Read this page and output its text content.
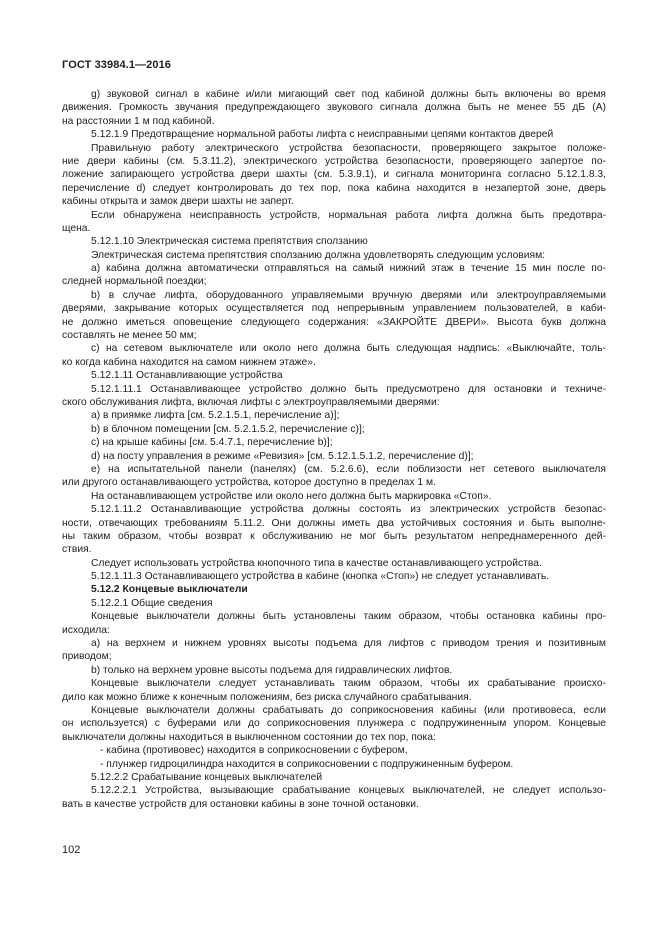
ГОСТ 33984.1—2016
g) звуковой сигнал в кабине и/или мигающий свет под кабиной должны быть включены во время
движения. Громкость звучания предупреждающего звукового сигнала должна быть не менее 55 дБ (А)
на расстоянии 1 м под кабиной.
5.12.1.9 Предотвращение нормальной работы лифта с неисправными цепями контактов дверей
Правильную работу электрического устройства безопасности, проверяющего закрытое положе-
ние двери кабины (см. 5.3.11.2), электрического устройства безопасности, проверяющего запертое по-
ложение запирающего устройства двери шахты (см. 5.3.9.1), и сигнала мониторинга согласно 5.12.1.8.3,
перечисление d) следует контролировать до тех пор, пока кабина находится в незапертой зоне, дверь
кабины открыта и замок двери шахты не заперт.
Если обнаружена неисправность устройств, нормальная работа лифта должна быть предотвра-
щена.
5.12.1.10 Электрическая система препятствия сползанию
Электрическая система препятствия сползанию должна удовлетворять следующим условиям:
а) кабина должна автоматически отправляться на самый нижний этаж в течение 15 мин после по-
следней нормальной поездки;
b) в случае лифта, оборудованного управляемыми вручную дверями или электроуправляемыми
дверями, закрывание которых осуществляется под непрерывным управлением пользователей, в каби-
не должно иметься оповещение следующего содержания: «ЗАКРОЙТЕ ДВЕРИ». Высота букв должна
составлять не менее 50 мм;
с) на сетевом выключателе или около него должна быть следующая надпись: «Выключайте, толь-
ко когда кабина находится на самом нижнем этаже».
5.12.1.11 Останавливающие устройства
5.12.1.11.1 Останавливающее устройство должно быть предусмотрено для остановки и техниче-
ского обслуживания лифта, включая лифты с электроуправляемыми дверями:
а) в приямке лифта [см. 5.2.1.5.1, перечисление а)];
b) в блочном помещении [см. 5.2.1.5.2, перечисление с)];
с) на крыше кабины [см. 5.4.7.1, перечисление b)];
d) на посту управления в режиме «Ревизия» [см. 5.12.1.5.1.2, перечисление d)];
е) на испытательной панели (панелях) (см. 5.2.6.6), если поблизости нет сетевого выключателя
или другого останавливающего устройства, которое доступно в пределах 1 м.
На останавливающем устройстве или около него должна быть маркировка «Стоп».
5.12.1.11.2 Останавливающие устройства должны состоять из электрических устройств безопас-
ности, отвечающих требованиям 5.11.2. Они должны иметь два устойчивых состояния и быть выполне-
ны таким образом, чтобы возврат к обслуживанию не мог быть результатом непреднамеренного дей-
ствия.
Следует использовать устройства кнопочного типа в качестве останавливающего устройства.
5.12.1.11.3 Останавливающего устройства в кабине (кнопка «Стоп») не следует устанавливать.
5.12.2 Концевые выключатели
5.12.2.1 Общие сведения
Концевые выключатели должны быть установлены таким образом, чтобы остановка кабины про-
исходила:
а) на верхнем и нижнем уровнях высоты подъема для лифтов с приводом трения и позитивным
приводом;
b) только на верхнем уровне высоты подъема для гидравлических лифтов.
Концевые выключатели следует устанавливать таким образом, чтобы их срабатывание происхо-
дило как можно ближе к конечным положениям, без риска случайного срабатывания.
Концевые выключатели должны срабатывать до соприкосновения кабины (или противовеса, если
он используется) с буферами или до соприкосновения плунжера с подпружиненным упором. Концевые
выключатели должны находиться в выключенном состоянии до тех пор, пока:
- кабина (противовес) находится в соприкосновении с буфером,
- плунжер гидроцилиндра находится в соприкосновении с подпружиненным буфером.
5.12.2.2 Срабатывание концевых выключателей
5.12.2.2.1 Устройства, вызывающие срабатывание концевых выключателей, не следует использо-
вать в качестве устройств для остановки кабины в зоне точной остановки.
102
